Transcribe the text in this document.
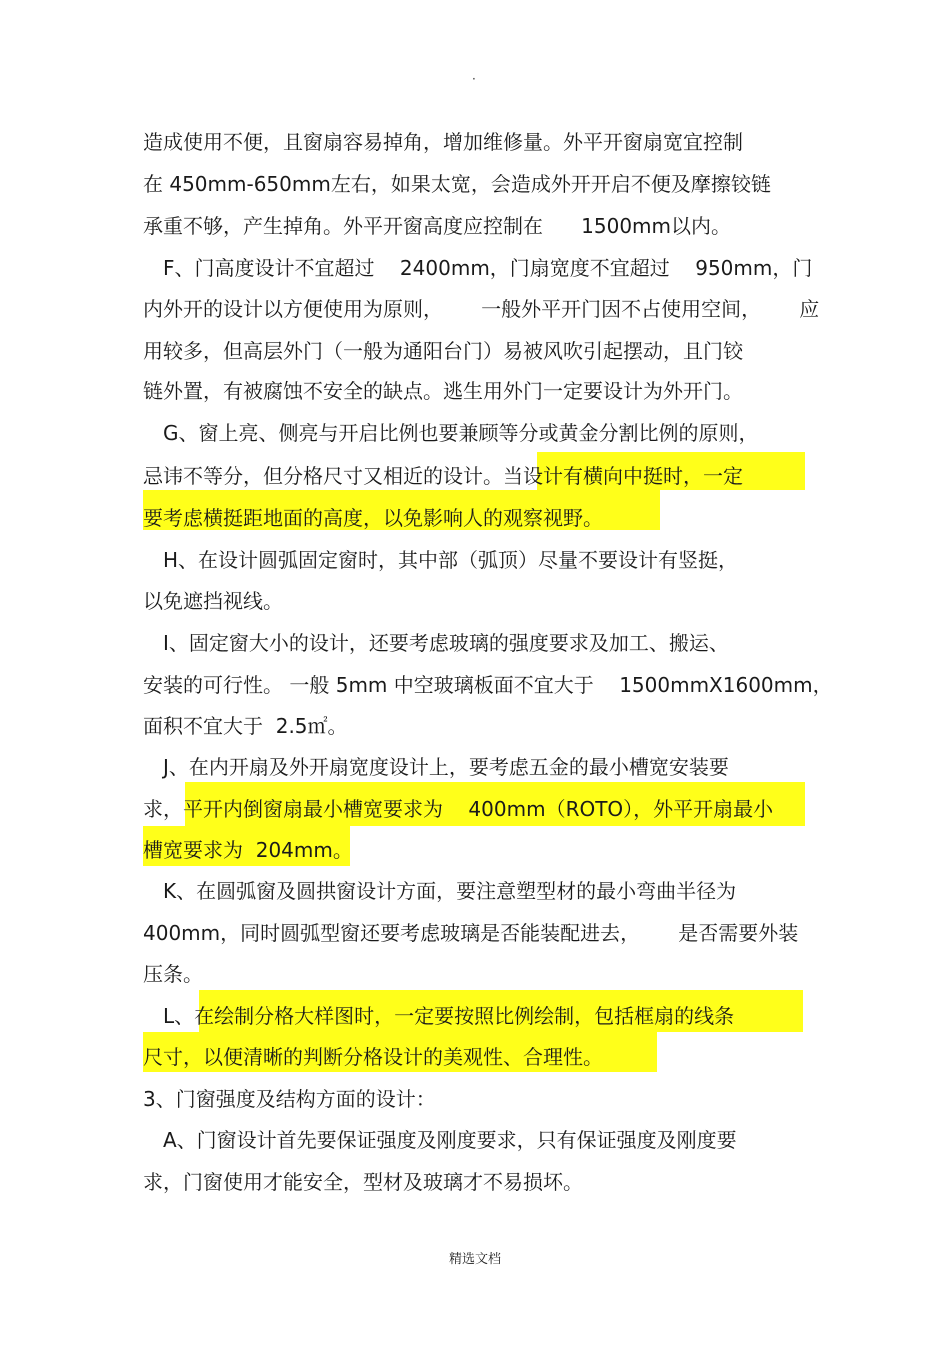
·
造成使用不便，且窗扇容易掉角，增加维修量。外平开窗扇宽宜控制
在 450mm-650mm左右，如果太宽，会造成外开开启不便及摩擦铰链
承重不够，产生掉角。外平开窗高度应控制在      1500mm以内。
F、门高度设计不宜超过    2400mm，门扇宽度不宜超过    950mm，门
内外开的设计以方便使用为原则，      一般外平开门因不占使用空间，      应
用较多，但高层外门（一般为通阳台门）易被风吹引起摆动，且门铰
链外置，有被腐蚀不安全的缺点。逃生用外门一定要设计为外开门。
G、窗上亮、侧亮与开启比例也要兼顾等分或黄金分割比例的原则，
忌讳不等分，但分格尺寸又相近的设计。当设计有横向中挺时，一定
要考虑横挺距地面的高度，以免影响人的观察视野。
H、在设计圆弧固定窗时，其中部（弧顶）尽量不要设计有竖挺，
以免遮挡视线。
I、固定窗大小的设计，还要考虑玻璃的强度要求及加工、搬运、
安装的可行性。 一般 5mm 中空玻璃板面不宜大于    1500mmX1600mm，
面积不宜大于  2.5㎡。
J、在内开扇及外开扇宽度设计上，要考虑五金的最小槽宽安装要
求，平开内倒窗扇最小槽宽要求为    400mm（ROTO），外平开扇最小
槽宽要求为  204mm。
K、在圆弧窗及圆拱窗设计方面，要注意塑型材的最小弯曲半径为
400mm，同时圆弧型窗还要考虑玻璃是否能装配进去，      是否需要外装
压条。
L、在绘制分格大样图时，一定要按照比例绘制，包括框扇的线条
尺寸，以便清晰的判断分格设计的美观性、合理性。
3、门窗强度及结构方面的设计：
A、门窗设计首先要保证强度及刚度要求，只有保证强度及刚度要
求，门窗使用才能安全，型材及玻璃才不易损坏。
精选文档
